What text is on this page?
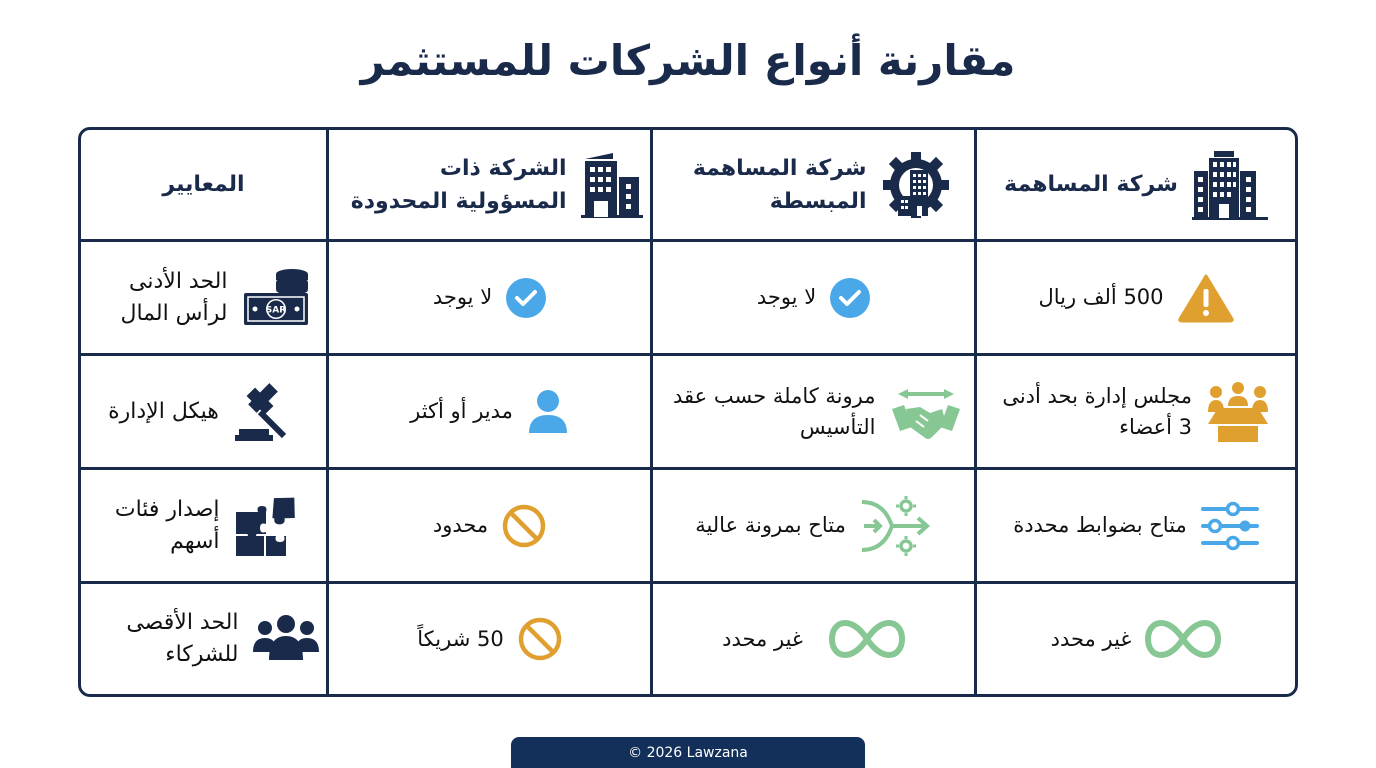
مقارنة أنواع الشركات للمستثمر
شركة المساهمة
شركة المساهمة المبسطة
الشركة ذات المسؤولية المحدودة
المعايير
500 ألف ريال
لا يوجد
لا يوجد
SAR
الحد الأدنى لرأس المال
مجلس إدارة بحد أدنى 3 أعضاء
مرونة كاملة حسب عقد التأسيس
مدير أو أكثر
هيكل الإدارة
متاح بضوابط محددة
متاح بمرونة عالية
محدود
إصدار فئات أسهم
غير محدد
غير محدد
50 شريكاً
الحد الأقصى للشركاء
© 2026 Lawzana
